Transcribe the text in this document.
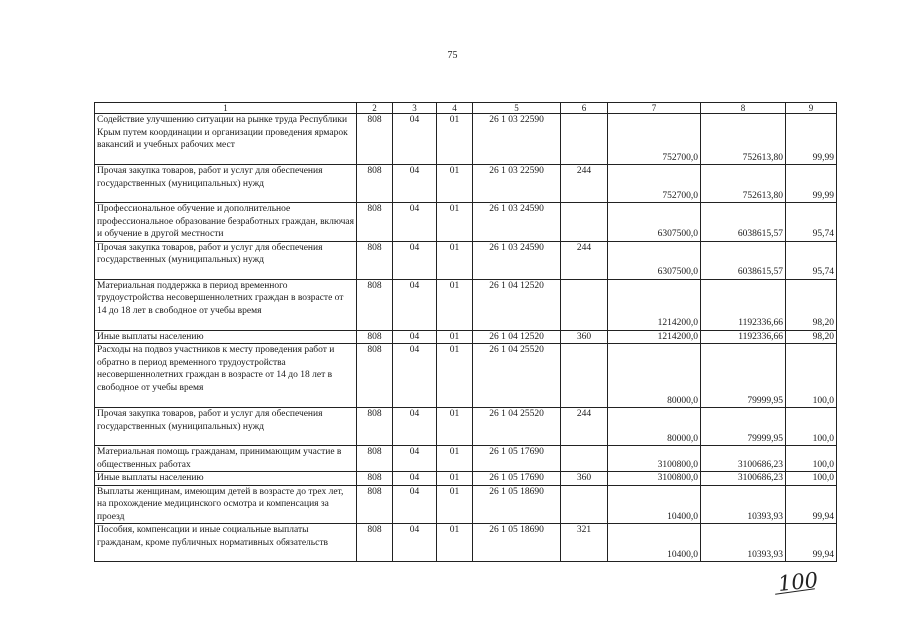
75
1	2	3	4	5	6	7	8	9
Содействие улучшению ситуации на рынке труда Республики Крым путем координации и организации проведения ярмарок вакансий и учебных рабочих мест	808	04	01	26 1 03 22590		752700,0	752613,80	99,99
Прочая закупка товаров, работ и услуг для обеспечения государственных (муниципальных) нужд	808	04	01	26 1 03 22590	244	752700,0	752613,80	99,99
Профессиональное обучение и дополнительное профессиональное образование безработных граждан, включая и обучение в другой местности	808	04	01	26 1 03 24590		6307500,0	6038615,57	95,74
Прочая закупка товаров, работ и услуг для обеспечения государственных (муниципальных) нужд	808	04	01	26 1 03 24590	244	6307500,0	6038615,57	95,74
Материальная поддержка в период временного трудоустройства несовершеннолетних граждан в возрасте от 14 до 18 лет в свободное от учебы время	808	04	01	26 1 04 12520		1214200,0	1192336,66	98,20
Иные выплаты населению	808	04	01	26 1 04 12520	360	1214200,0	1192336,66	98,20
Расходы на подвоз участников к месту проведения работ и обратно в период временного трудоустройства несовершеннолетних граждан в возрасте от 14 до 18 лет в свободное от учебы время	808	04	01	26 1 04 25520		80000,0	79999,95	100,0
Прочая закупка товаров, работ и услуг для обеспечения государственных (муниципальных) нужд	808	04	01	26 1 04 25520	244	80000,0	79999,95	100,0
Материальная помощь гражданам, принимающим участие в общественных работах	808	04	01	26 1 05 17690		3100800,0	3100686,23	100,0
Иные выплаты населению	808	04	01	26 1 05 17690	360	3100800,0	3100686,23	100,0
Выплаты женщинам, имеющим детей в возрасте до трех лет, на прохождение медицинского осмотра и компенсация за проезд	808	04	01	26 1 05 18690		10400,0	10393,93	99,94
Пособия, компенсации и иные социальные выплаты гражданам, кроме публичных нормативных обязательств	808	04	01	26 1 05 18690	321	10400,0	10393,93	99,94
100
